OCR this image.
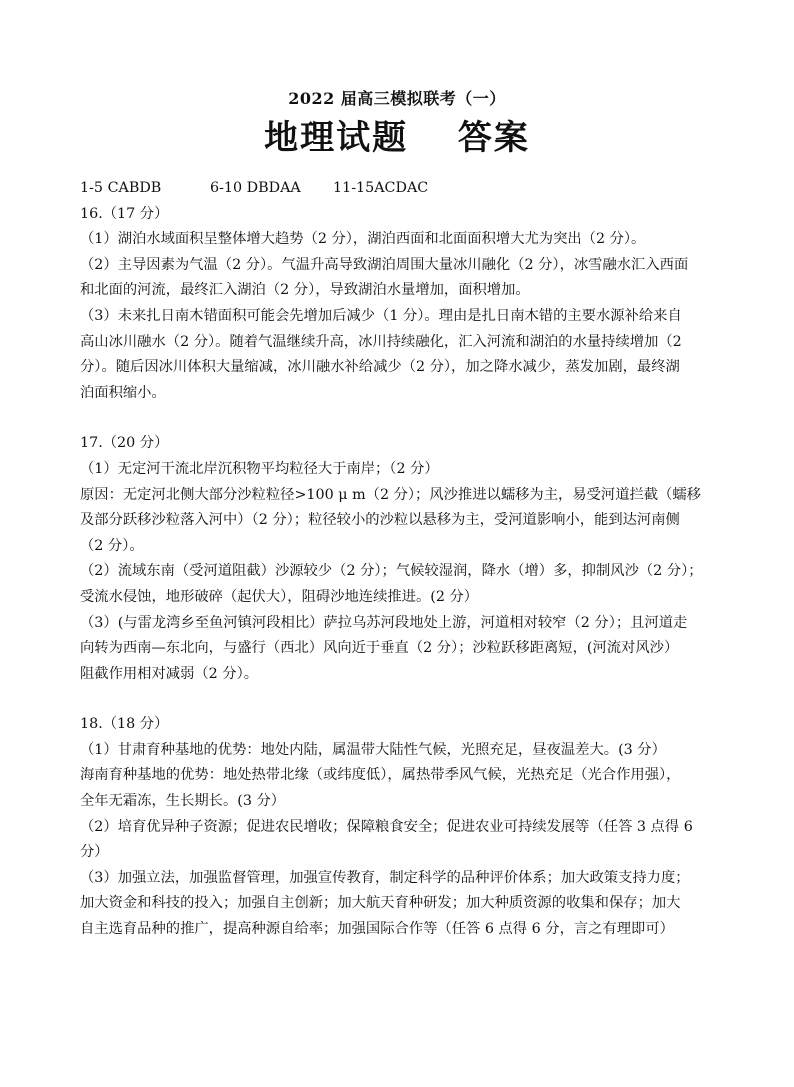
2022 届高三模拟联考（一）
地理试题　 答案
1-5 CABDB	6-10 DBDAA 11-15ACDAC
16.（17 分）
（1）湖泊水域面积呈整体增大趋势（2 分），湖泊西面和北面面积增大尤为突出（2 分）。
（2）主导因素为气温（2 分）。气温升高导致湖泊周围大量冰川融化（2 分），冰雪融水汇入西面
和北面的河流，最终汇入湖泊（2 分），导致湖泊水量增加，面积增加。
（3）未来扎日南木错面积可能会先增加后减少（1 分）。理由是扎日南木错的主要水源补给来自
高山冰川融水（2 分）。随着气温继续升高，冰川持续融化，汇入河流和湖泊的水量持续增加（2
分）。随后因冰川体积大量缩减，冰川融水补给减少（2 分），加之降水减少，蒸发加剧，最终湖
泊面积缩小。
17.（20 分）
（1）无定河干流北岸沉积物平均粒径大于南岸；（2 分）
原因：无定河北侧大部分沙粒粒径>100 μ m（2 分）；风沙推进以蠕移为主，易受河道拦截（蠕移
及部分跃移沙粒落入河中）（2 分）；粒径较小的沙粒以悬移为主，受河道影响小，能到达河南侧
（2 分）。
（2）流域东南（受河道阻截）沙源较少（2 分）；气候较湿润，降水（增）多，抑制风沙（2 分）；
受流水侵蚀，地形破碎（起伏大），阻碍沙地连续推进。(2 分）
（3）(与雷龙湾乡至鱼河镇河段相比）萨拉乌苏河段地处上游，河道相对较窄（2 分）；且河道走
向转为西南—东北向，与盛行（西北）风向近于垂直（2 分）；沙粒跃移距离短，(河流对风沙）
阻截作用相对减弱（2 分）。
18.（18 分）
（1）甘肃育种基地的优势：地处内陆，属温带大陆性气候，光照充足，昼夜温差大。(3 分）
海南育种基地的优势：地处热带北缘（或纬度低），属热带季风气候，光热充足（光合作用强），
全年无霜冻，生长期长。(3 分）
（2）培育优异种子资源；促进农民增收；保障粮食安全；促进农业可持续发展等（任答 3 点得 6
分）
（3）加强立法，加强监督管理，加强宣传教育，制定科学的品种评价体系；加大政策支持力度；
加大资金和科技的投入；加强自主创新；加大航天育种研发；加大种质资源的收集和保存；加大
自主选育品种的推广，提高种源自给率；加强国际合作等（任答 6 点得 6 分，言之有理即可）
